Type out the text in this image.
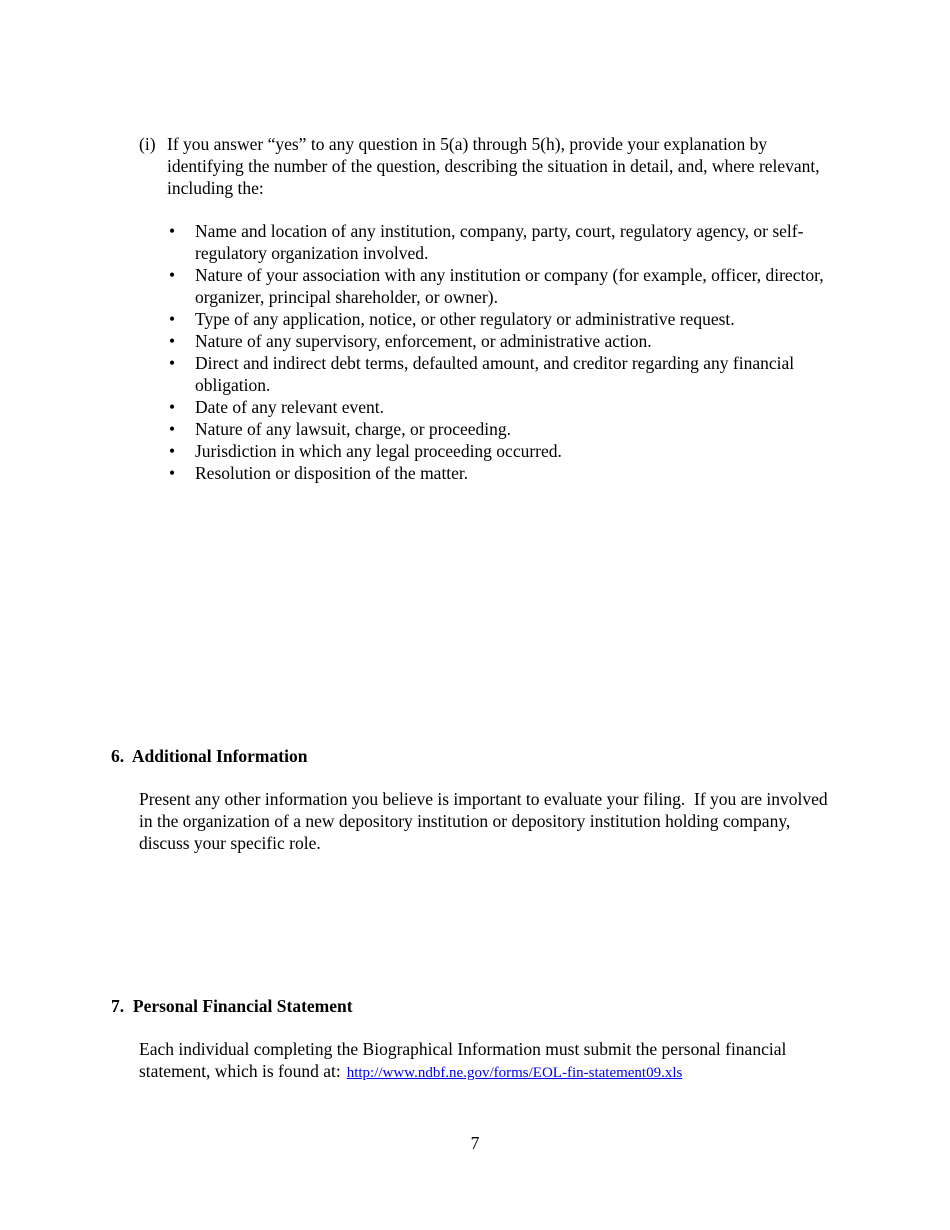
(i) If you answer “yes” to any question in 5(a) through 5(h), provide your explanation by identifying the number of the question, describing the situation in detail, and, where relevant, including the:
• Name and location of any institution, company, party, court, regulatory agency, or self-regulatory organization involved.
• Nature of your association with any institution or company (for example, officer, director, organizer, principal shareholder, or owner).
• Type of any application, notice, or other regulatory or administrative request.
• Nature of any supervisory, enforcement, or administrative action.
• Direct and indirect debt terms, defaulted amount, and creditor regarding any financial obligation.
• Date of any relevant event.
• Nature of any lawsuit, charge, or proceeding.
• Jurisdiction in which any legal proceeding occurred.
• Resolution or disposition of the matter.
6.  Additional Information
Present any other information you believe is important to evaluate your filing.  If you are involved in the organization of a new depository institution or depository institution holding company, discuss your specific role.
7.  Personal Financial Statement
Each individual completing the Biographical Information must submit the personal financial statement, which is found at: http://www.ndbf.ne.gov/forms/EOL-fin-statement09.xls
7
